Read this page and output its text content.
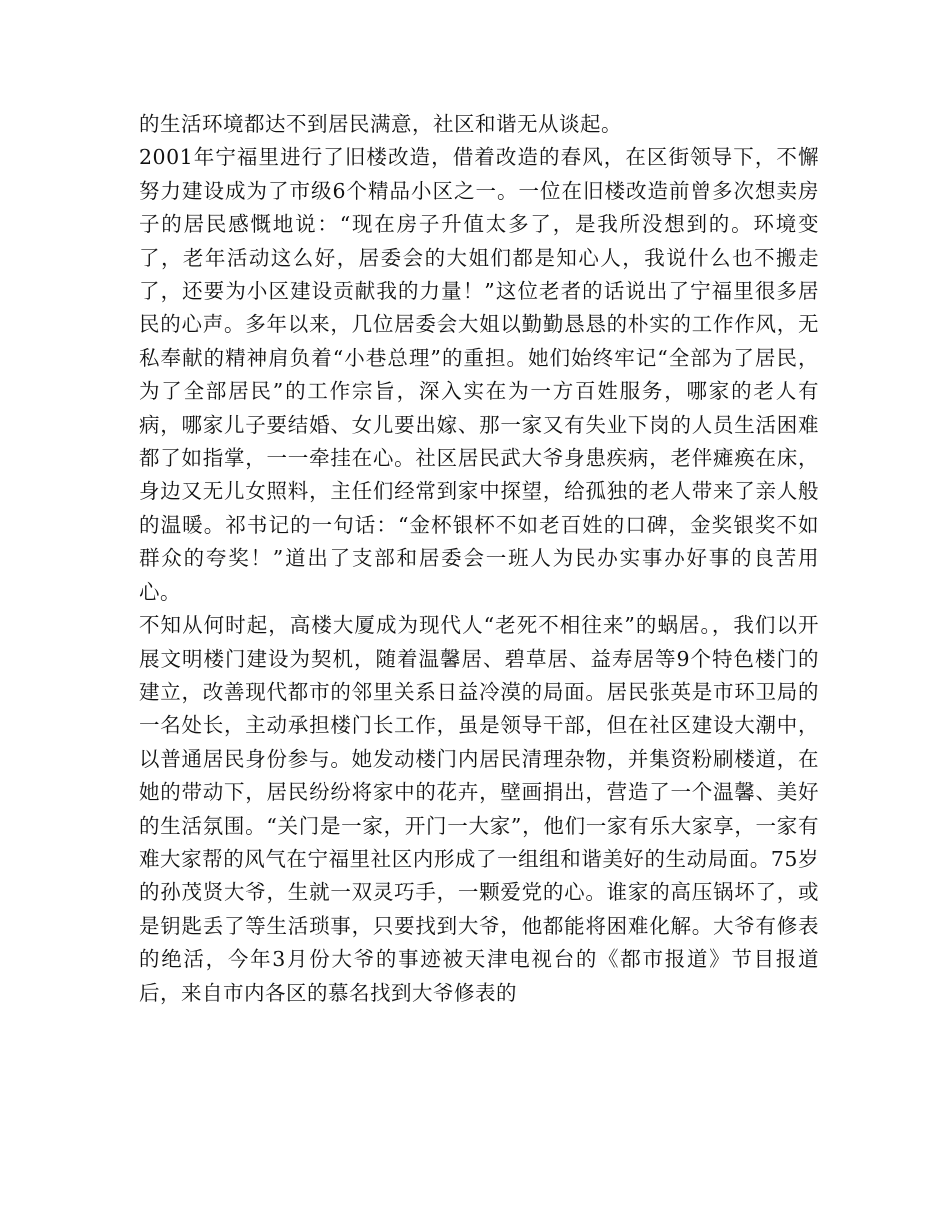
的生活环境都达不到居民满意，社区和谐无从谈起。

2001年宁福里进行了旧楼改造，借着改造的春风，在区街领导下，不懈努力建设成为了市级6个精品小区之一。一位在旧楼改造前曾多次想卖房子的居民感慨地说：“现在房子升值太多了，是我所没想到的。环境变了，老年活动这么好，居委会的大姐们都是知心人，我说什么也不搬走了，还要为小区建设贡献我的力量！”这位老者的话说出了宁福里很多居民的心声。多年以来，几位居委会大姐以勤勤恳恳的朴实的工作作风，无私奉献的精神肩负着“小巷总理”的重担。她们始终牢记“全部为了居民，为了全部居民”的工作宗旨，深入实在为一方百姓服务，哪家的老人有病，哪家儿子要结婚、女儿要出嫁、那一家又有失业下岗的人员生活困难都了如指掌，一一牵挂在心。社区居民武大爷身患疾病，老伴瘫痪在床，身边又无儿女照料，主任们经常到家中探望，给孤独的老人带来了亲人般的温暖。祁书记的一句话：“金杯银杯不如老百姓的口碑，金奖银奖不如群众的夸奖！”道出了支部和居委会一班人为民办实事办好事的良苦用心。

不知从何时起，高楼大厦成为现代人“老死不相往来”的蜗居。，我们以开展文明楼门建设为契机，随着温馨居、碧草居、益寿居等9个特色楼门的建立，改善现代都市的邻里关系日益冷漠的局面。居民张英是市环卫局的一名处长，主动承担楼门长工作，虽是领导干部，但在社区建设大潮中，以普通居民身份参与。她发动楼门内居民清理杂物，并集资粉刷楼道，在她的带动下，居民纷纷将家中的花卉，壁画捐出，营造了一个温馨、美好的生活氛围。“关门是一家，开门一大家”，他们一家有乐大家享，一家有难大家帮的风气在宁福里社区内形成了一组组和谐美好的生动局面。75岁的孙茂贤大爷，生就一双灵巧手，一颗爱党的心。谁家的高压锅坏了，或是钥匙丢了等生活琐事，只要找到大爷，他都能将困难化解。大爷有修表的绝活，今年3月份大爷的事迹被天津电视台的《都市报道》节目报道后，来自市内各区的慕名找到大爷修表的
